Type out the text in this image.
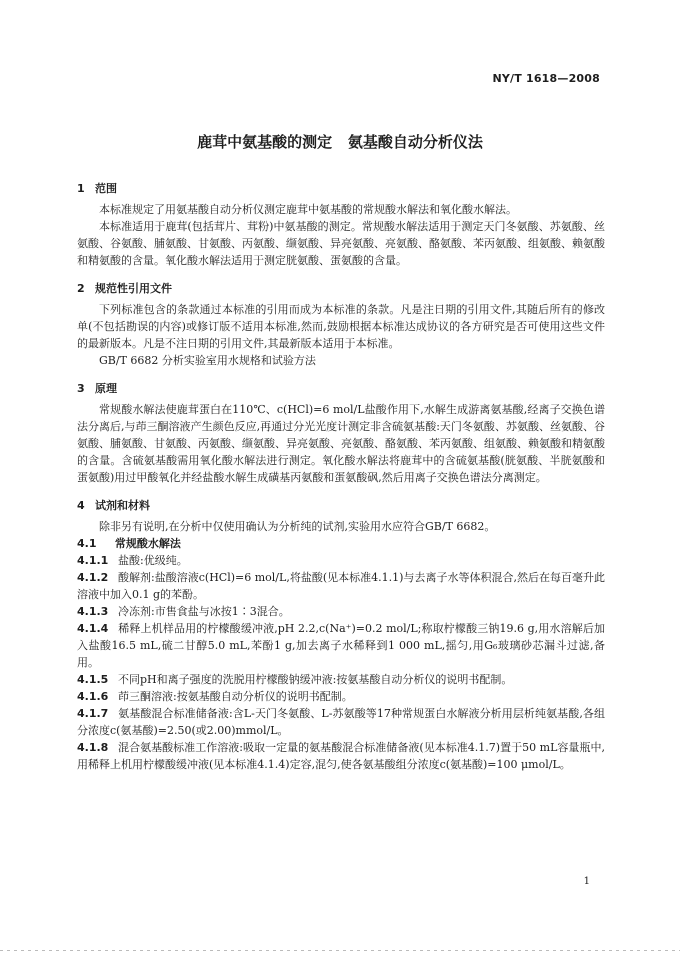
NY/T 1618—2008
鹿茸中氨基酸的测定   氨基酸自动分析仪法
1 范围

本标准规定了用氨基酸自动分析仪测定鹿茸中氨基酸的常规酸水解法和氧化酸水解法。

本标准适用于鹿茸(包括茸片、茸粉)中氨基酸的测定。常规酸水解法适用于测定天门冬氨酸、苏氨酸、丝氨酸、谷氨酸、脯氨酸、甘氨酸、丙氨酸、缬氨酸、异亮氨酸、亮氨酸、酪氨酸、苯丙氨酸、组氨酸、赖氨酸和精氨酸的含量。氧化酸水解法适用于测定胱氨酸、蛋氨酸的含量。

2 规范性引用文件

下列标准包含的条款通过本标准的引用而成为本标准的条款。凡是注日期的引用文件,其随后所有的修改单(不包括勘误的内容)或修订版不适用本标准,然而,鼓励根据本标准达成协议的各方研究是否可使用这些文件的最新版本。凡是不注日期的引用文件,其最新版本适用于本标准。

GB/T 6682 分析实验室用水规格和试验方法

3 原理

常规酸水解法使鹿茸蛋白在110℃、c(HCl)=6 mol/L盐酸作用下,水解生成游离氨基酸,经离子交换色谱法分离后,与茚三酮溶液产生颜色反应,再通过分光光度计测定非含硫氨基酸:天门冬氨酸、苏氨酸、丝氨酸、谷氨酸、脯氨酸、甘氨酸、丙氨酸、缬氨酸、异亮氨酸、亮氨酸、酪氨酸、苯丙氨酸、组氨酸、赖氨酸和精氨酸的含量。含硫氨基酸需用氧化酸水解法进行测定。氧化酸水解法将鹿茸中的含硫氨基酸(胱氨酸、半胱氨酸和蛋氨酸)用过甲酸氧化并经盐酸水解生成磺基丙氨酸和蛋氨酸砜,然后用离子交换色谱法分离测定。

4 试剂和材料

除非另有说明,在分析中仅使用确认为分析纯的试剂,实验用水应符合GB/T 6682。

4.1 常规酸水解法

4.1.1 盐酸:优级纯。

4.1.2 酸解剂:盐酸溶液c(HCl)=6 mol/L,将盐酸(见本标准4.1.1)与去离子水等体积混合,然后在每百毫升此溶液中加入0.1 g的苯酚。

4.1.3 冷冻剂:市售食盐与冰按1∶3混合。

4.1.4 稀释上机样品用的柠檬酸缓冲液,pH 2.2,c(Na⁺)=0.2 mol/L;称取柠檬酸三钠19.6 g,用水溶解后加入盐酸16.5 mL,硫二甘醇5.0 mL,苯酚1 g,加去离子水稀释到1 000 mL,摇匀,用G₆玻璃砂芯漏斗过滤,备用。

4.1.5 不同pH和离子强度的洗脱用柠檬酸钠缓冲液:按氨基酸自动分析仪的说明书配制。

4.1.6 茚三酮溶液:按氨基酸自动分析仪的说明书配制。

4.1.7 氨基酸混合标准储备液:含L-天门冬氨酸、L-苏氨酸等17种常规蛋白水解液分析用层析纯氨基酸,各组分浓度c(氨基酸)=2.50(或2.00)mmol/L。

4.1.8 混合氨基酸标准工作溶液:吸取一定量的氨基酸混合标准储备液(见本标准4.1.7)置于50 mL容量瓶中,用稀释上机用柠檬酸缓冲液(见本标准4.1.4)定容,混匀,使各氨基酸组分浓度c(氨基酸)=100 μmol/L。

1
